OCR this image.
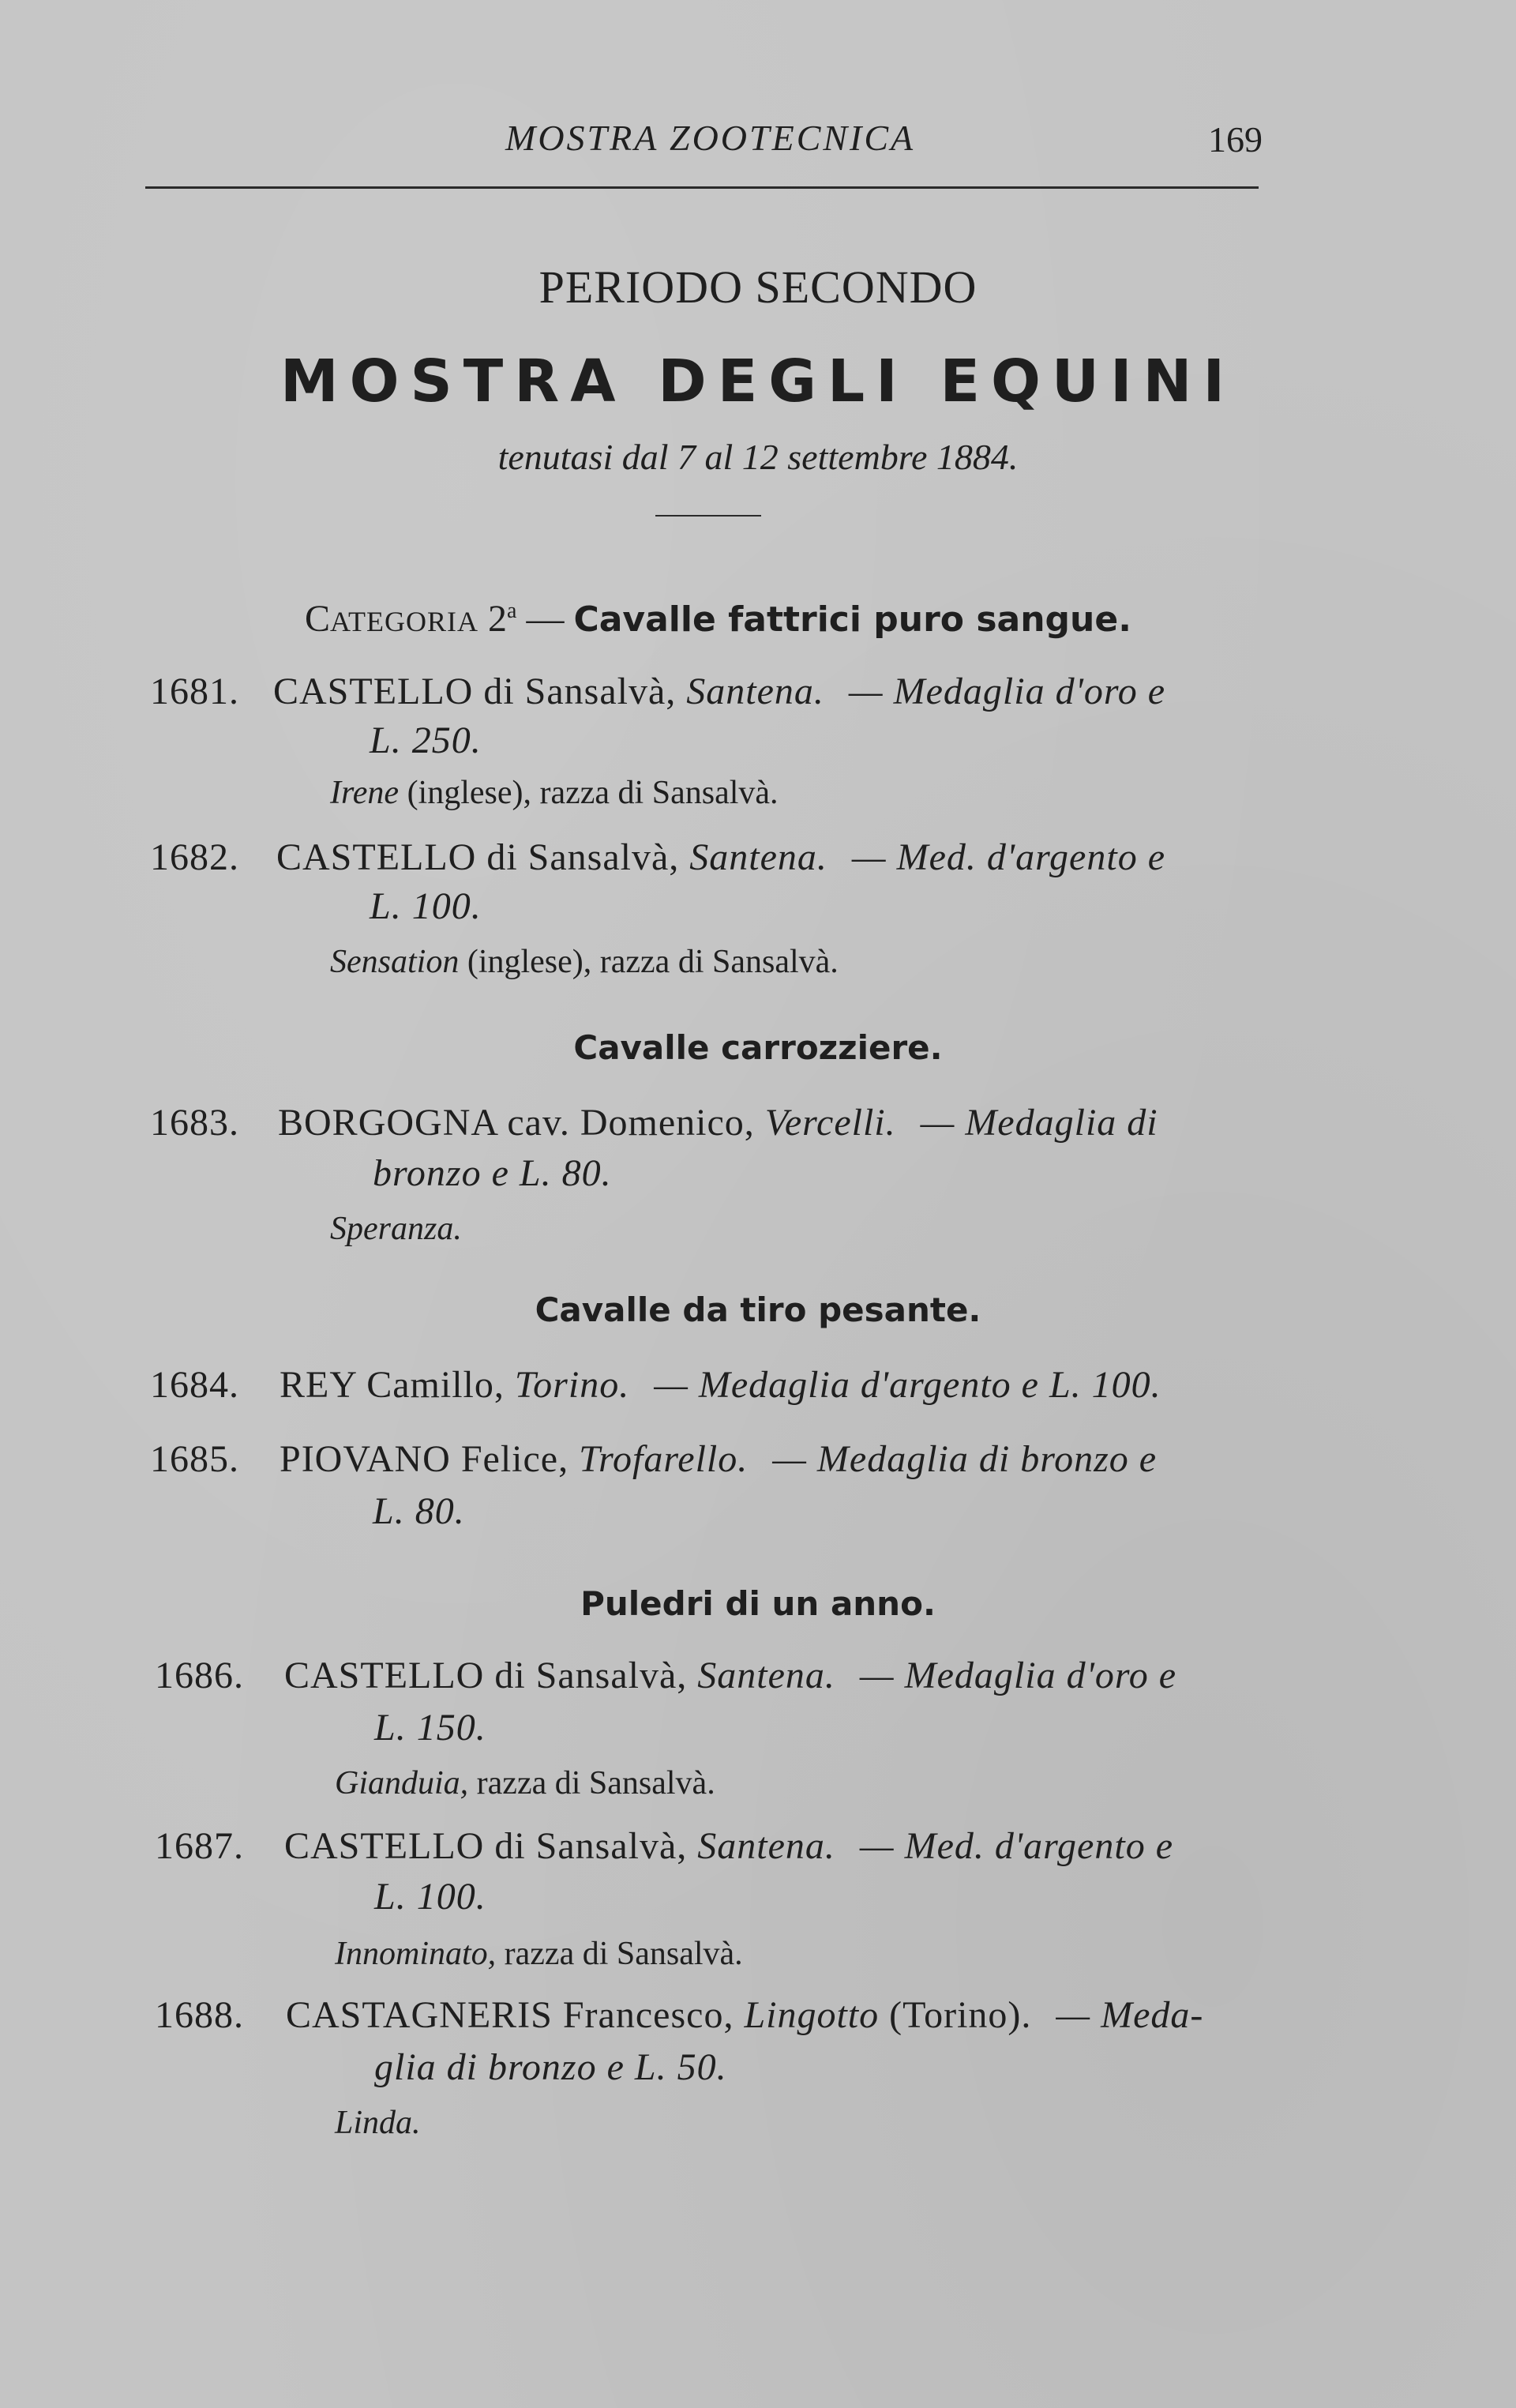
MOSTRA ZOOTECNICA	169
PERIODO SECONDO
MOSTRA DEGLI EQUINI
tenutasi dal 7 al 12 settembre 1884.
CATEGORIA 2$^a$ — Cavalle fattrici puro sangue.
1681. CASTELLO di Sansalvà, Santena. — Medaglia d'oro e
L. 250.
Irene (inglese), razza di Sansalvà.
1682. CASTELLO di Sansalvà, Santena. — Med. d'argento e
L. 100.
Sensation (inglese), razza di Sansalvà.
Cavalle carrozziere.
1683. BORGOGNA cav. Domenico, Vercelli. — Medaglia di
bronzo e L. 80.
Speranza.
Cavalle da tiro pesante.
1684. REY Camillo, Torino. — Medaglia d'argento e L. 100.
1685. PIOVANO Felice, Trofarello. — Medaglia di bronzo e
L. 80.
Puledri di un anno.
1686. CASTELLO di Sansalvà, Santena. — Medaglia d'oro e
L. 150.
Gianduia, razza di Sansalvà.
1687. CASTELLO di Sansalvà, Santena. — Med. d'argento e
L. 100.
Innominato, razza di Sansalvà.
1688. CASTAGNERIS Francesco, Lingotto (Torino). — Meda-
glia di bronzo e L. 50.
Linda.
